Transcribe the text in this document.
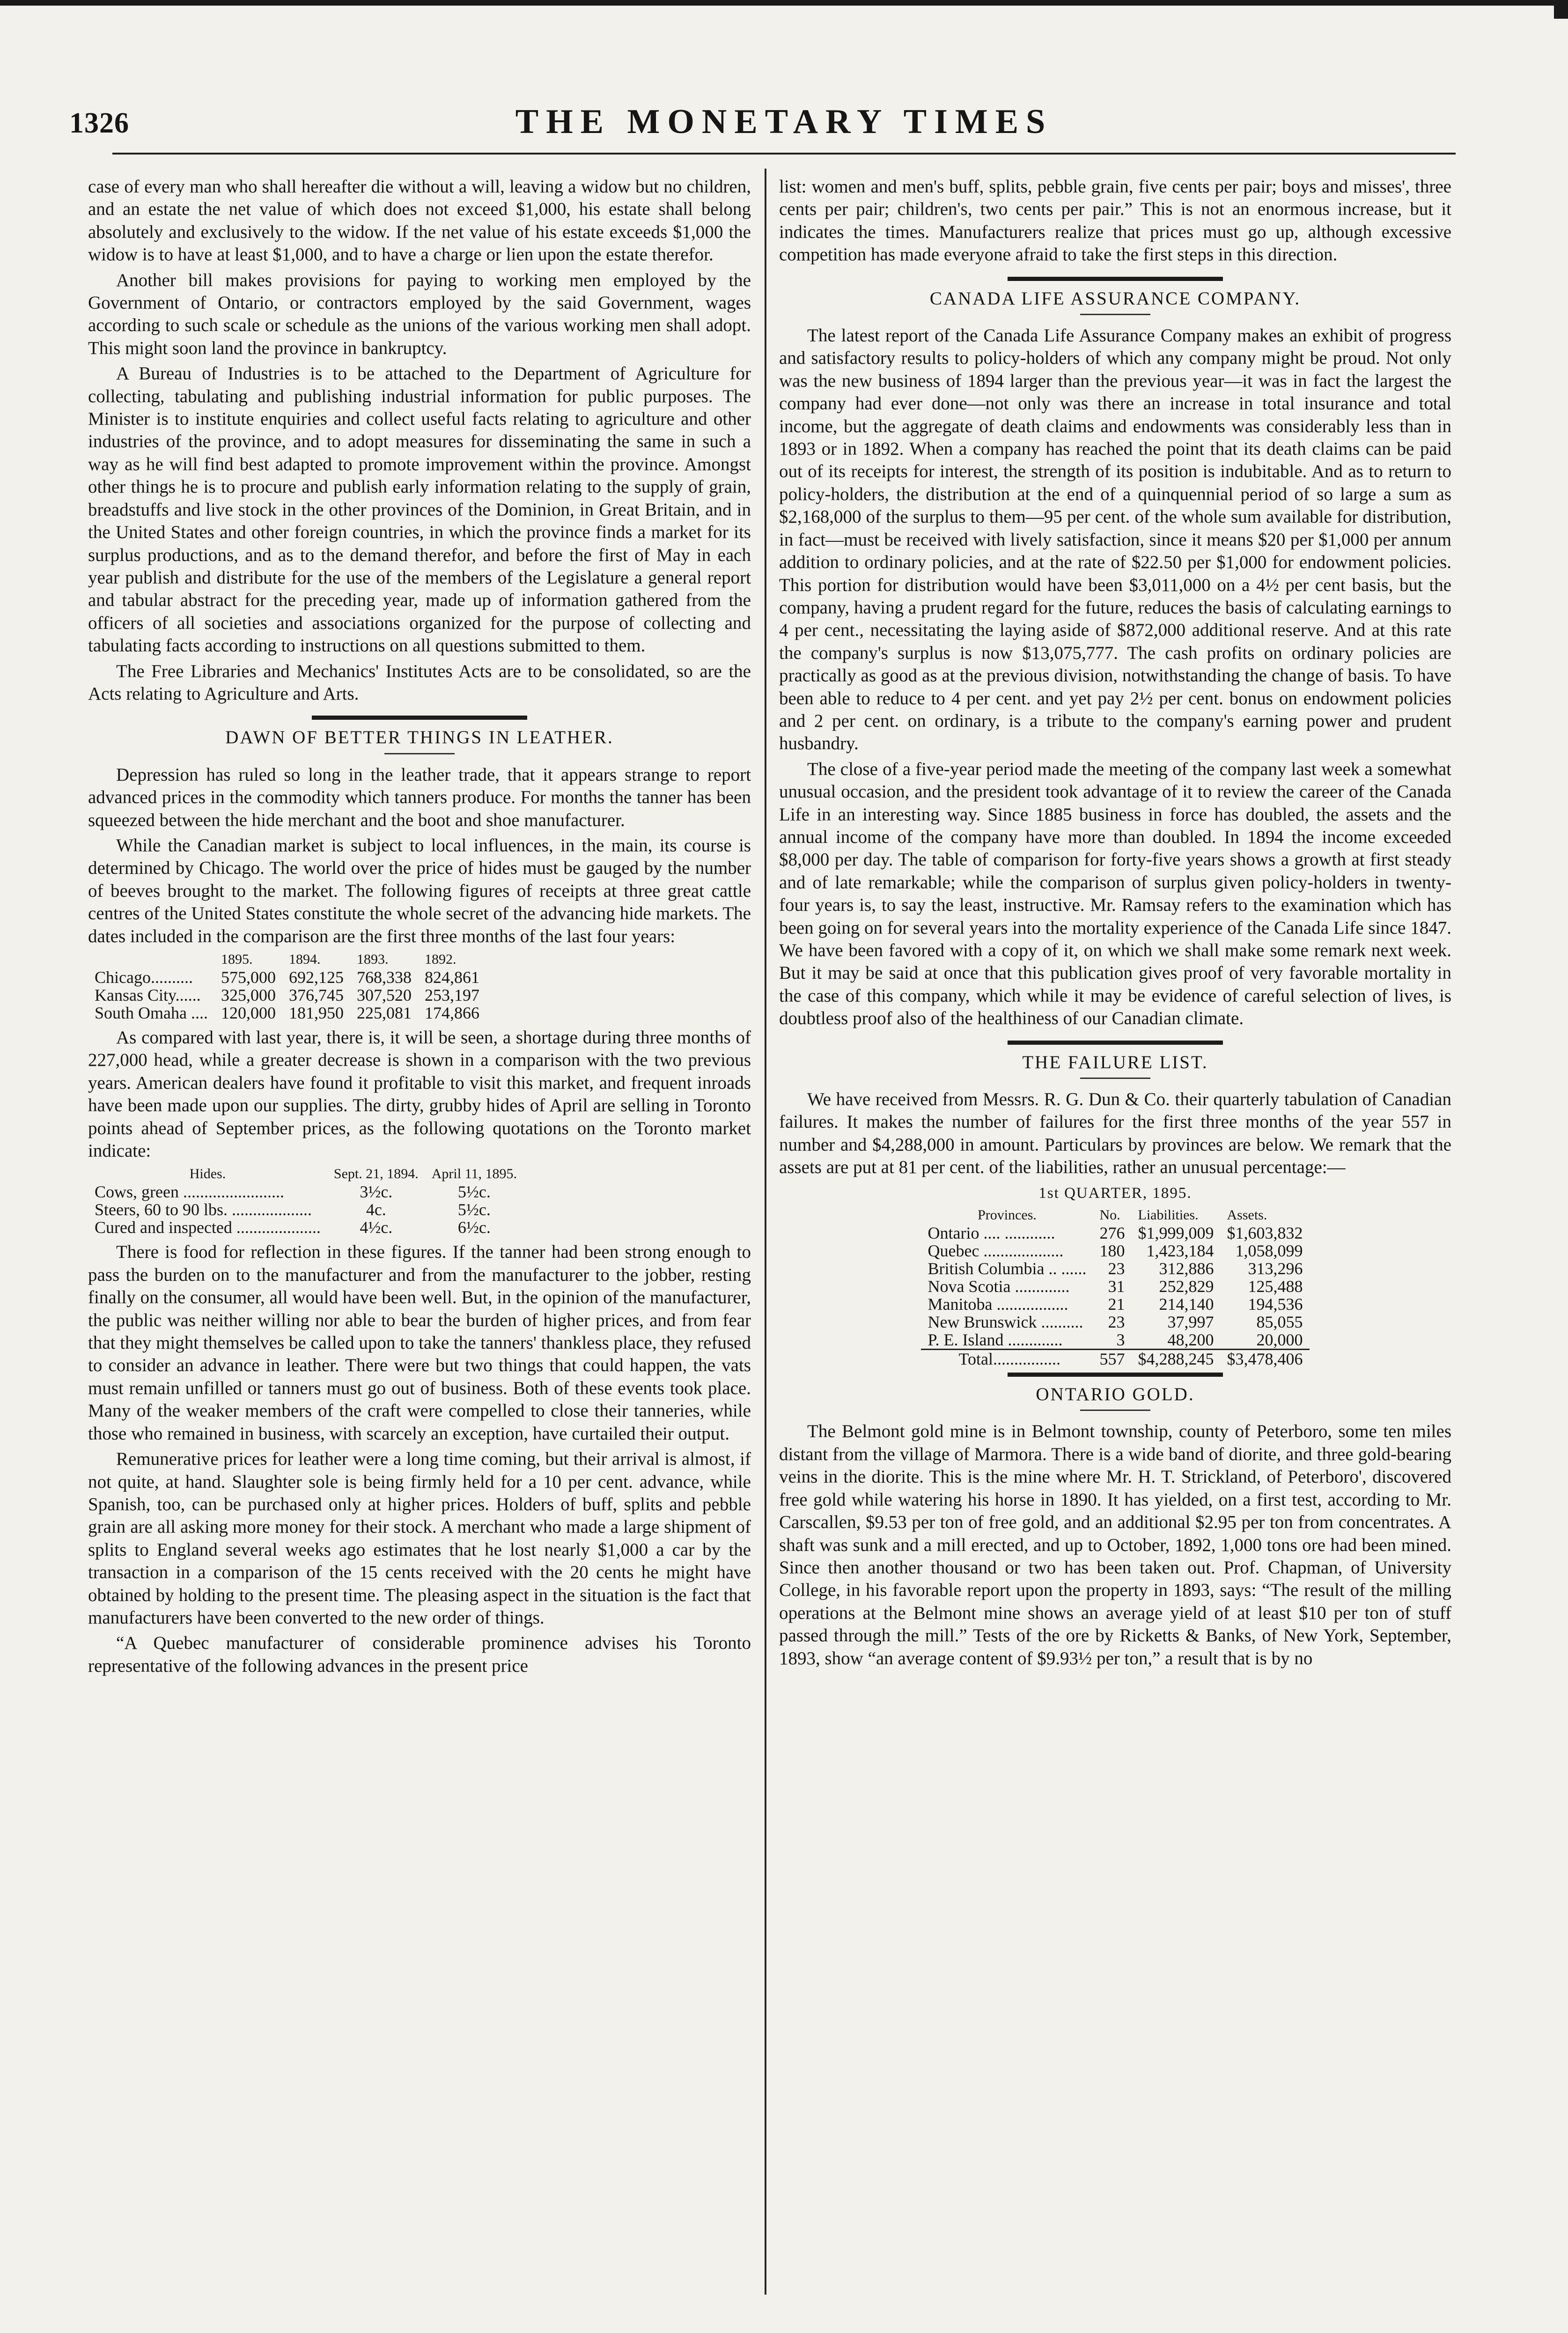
1326	THE MONETARY TIMES

case of every man who shall hereafter die without a will, leaving a widow but no children, and an estate the net value of which does not exceed $1,000, his estate shall belong absolutely and exclusively to the widow. If the net value of his estate exceeds $1,000 the widow is to have at least $1,000, and to have a charge or lien upon the estate therefor.

Another bill makes provisions for paying to working men employed by the Government of Ontario, or contractors employed by the said Government, wages according to such scale or schedule as the unions of the various working men shall adopt. This might soon land the province in bankruptcy.

A Bureau of Industries is to be attached to the Department of Agriculture for collecting, tabulating and publishing industrial information for public purposes. The Minister is to institute enquiries and collect useful facts relating to agriculture and other industries of the province, and to adopt measures for disseminating the same in such a way as he will find best adapted to promote improvement within the province. Amongst other things he is to procure and publish early information relating to the supply of grain, breadstuffs and live stock in the other provinces of the Dominion, in Great Britain, and in the United States and other foreign countries, in which the province finds a market for its surplus productions, and as to the demand therefor, and before the first of May in each year publish and distribute for the use of the members of the Legislature a general report and tabular abstract for the preceding year, made up of information gathered from the officers of all societies and associations organized for the purpose of collecting and tabulating facts according to instructions on all questions submitted to them.

The Free Libraries and Mechanics' Institutes Acts are to be consolidated, so are the Acts relating to Agriculture and Arts.

DAWN OF BETTER THINGS IN LEATHER.

Depression has ruled so long in the leather trade, that it appears strange to report advanced prices in the commodity which tanners produce. For months the tanner has been squeezed between the hide merchant and the boot and shoe manufacturer.

While the Canadian market is subject to local influences, in the main, its course is determined by Chicago. The world over the price of hides must be gauged by the number of beeves brought to the market. The following figures of receipts at three great cattle centres of the United States constitute the whole secret of the advancing hide markets. The dates included in the comparison are the first three months of the last four years:

	1895.	1894.	1893.	1892.
Chicago..........	575,000	692,125	768,338	824,861
Kansas City......	325,000	376,745	307,520	253,197
South Omaha ....	120,000	181,950	225,081	174,866

As compared with last year, there is, it will be seen, a shortage during three months of 227,000 head, while a greater decrease is shown in a comparison with the two previous years. American dealers have found it profitable to visit this market, and frequent inroads have been made upon our supplies. The dirty, grubby hides of April are selling in Toronto points ahead of September prices, as the following quotations on the Toronto market indicate:

Hides.	Sept. 21, 1894.	April 11, 1895.
Cows, green ........................	3½c.	5½c.
Steers, 60 to 90 lbs. ...................	4c.	5½c.
Cured and inspected ....................	4½c.	6½c.

There is food for reflection in these figures. If the tanner had been strong enough to pass the burden on to the manufacturer and from the manufacturer to the jobber, resting finally on the consumer, all would have been well. But, in the opinion of the manufacturer, the public was neither willing nor able to bear the burden of higher prices, and from fear that they might themselves be called upon to take the tanners' thankless place, they refused to consider an advance in leather. There were but two things that could happen, the vats must remain unfilled or tanners must go out of business. Both of these events took place. Many of the weaker members of the craft were compelled to close their tanneries, while those who remained in business, with scarcely an exception, have curtailed their output.

Remunerative prices for leather were a long time coming, but their arrival is almost, if not quite, at hand. Slaughter sole is being firmly held for a 10 per cent. advance, while Spanish, too, can be purchased only at higher prices. Holders of buff, splits and pebble grain are all asking more money for their stock. A merchant who made a large shipment of splits to England several weeks ago estimates that he lost nearly $1,000 a car by the transaction in a comparison of the 15 cents received with the 20 cents he might have obtained by holding to the present time. The pleasing aspect in the situation is the fact that manufacturers have been converted to the new order of things.

“A Quebec manufacturer of considerable prominence advises his Toronto representative of the following advances in the present price

list: women and men's buff, splits, pebble grain, five cents per pair; boys and misses', three cents per pair; children's, two cents per pair.” This is not an enormous increase, but it indicates the times. Manufacturers realize that prices must go up, although excessive competition has made everyone afraid to take the first steps in this direction.

CANADA LIFE ASSURANCE COMPANY.

The latest report of the Canada Life Assurance Company makes an exhibit of progress and satisfactory results to policy-holders of which any company might be proud. Not only was the new business of 1894 larger than the previous year—it was in fact the largest the company had ever done—not only was there an increase in total insurance and total income, but the aggregate of death claims and endowments was considerably less than in 1893 or in 1892. When a company has reached the point that its death claims can be paid out of its receipts for interest, the strength of its position is indubitable. And as to return to policy-holders, the distribution at the end of a quinquennial period of so large a sum as $2,168,000 of the surplus to them—95 per cent. of the whole sum available for distribution, in fact—must be received with lively satisfaction, since it means $20 per $1,000 per annum addition to ordinary policies, and at the rate of $22.50 per $1,000 for endowment policies. This portion for distribution would have been $3,011,000 on a 4½ per cent basis, but the company, having a prudent regard for the future, reduces the basis of calculating earnings to 4 per cent., necessitating the laying aside of $872,000 additional reserve. And at this rate the company's surplus is now $13,075,777. The cash profits on ordinary policies are practically as good as at the previous division, notwithstanding the change of basis. To have been able to reduce to 4 per cent. and yet pay 2½ per cent. bonus on endowment policies and 2 per cent. on ordinary, is a tribute to the company's earning power and prudent husbandry.

The close of a five-year period made the meeting of the company last week a somewhat unusual occasion, and the president took advantage of it to review the career of the Canada Life in an interesting way. Since 1885 business in force has doubled, the assets and the annual income of the company have more than doubled. In 1894 the income exceeded $8,000 per day. The table of comparison for forty-five years shows a growth at first steady and of late remarkable; while the comparison of surplus given policy-holders in twenty-four years is, to say the least, instructive. Mr. Ramsay refers to the examination which has been going on for several years into the mortality experience of the Canada Life since 1847. We have been favored with a copy of it, on which we shall make some remark next week. But it may be said at once that this publication gives proof of very favorable mortality in the case of this company, which while it may be evidence of careful selection of lives, is doubtless proof also of the healthiness of our Canadian climate.

THE FAILURE LIST.

We have received from Messrs. R. G. Dun & Co. their quarterly tabulation of Canadian failures. It makes the number of failures for the first three months of the year 557 in number and $4,288,000 in amount. Particulars by provinces are below. We remark that the assets are put at 81 per cent. of the liabilities, rather an unusual percentage:—

1st QUARTER, 1895.
Provinces.	No.	Liabilities.	Assets.
Ontario .... ............	276	$1,999,009	$1,603,832
Quebec ...................	180	1,423,184	1,058,099
British Columbia .. ......	23	312,886	313,296
Nova Scotia .............	31	252,829	125,488
Manitoba .................	21	214,140	194,536
New Brunswick ..........	23	37,997	85,055
P. E. Island .............	3	48,200	20,000
Total................	557	$4,288,245	$3,478,406
ONTARIO GOLD.

The Belmont gold mine is in Belmont township, county of Peterboro, some ten miles distant from the village of Marmora. There is a wide band of diorite, and three gold-bearing veins in the diorite. This is the mine where Mr. H. T. Strickland, of Peterboro', discovered free gold while watering his horse in 1890. It has yielded, on a first test, according to Mr. Carscallen, $9.53 per ton of free gold, and an additional $2.95 per ton from concentrates. A shaft was sunk and a mill erected, and up to October, 1892, 1,000 tons ore had been mined. Since then another thousand or two has been taken out. Prof. Chapman, of University College, in his favorable report upon the property in 1893, says: “The result of the milling operations at the Belmont mine shows an average yield of at least $10 per ton of stuff passed through the mill.” Tests of the ore by Ricketts & Banks, of New York, September, 1893, show “an average content of $9.93½ per ton,” a result that is by no
